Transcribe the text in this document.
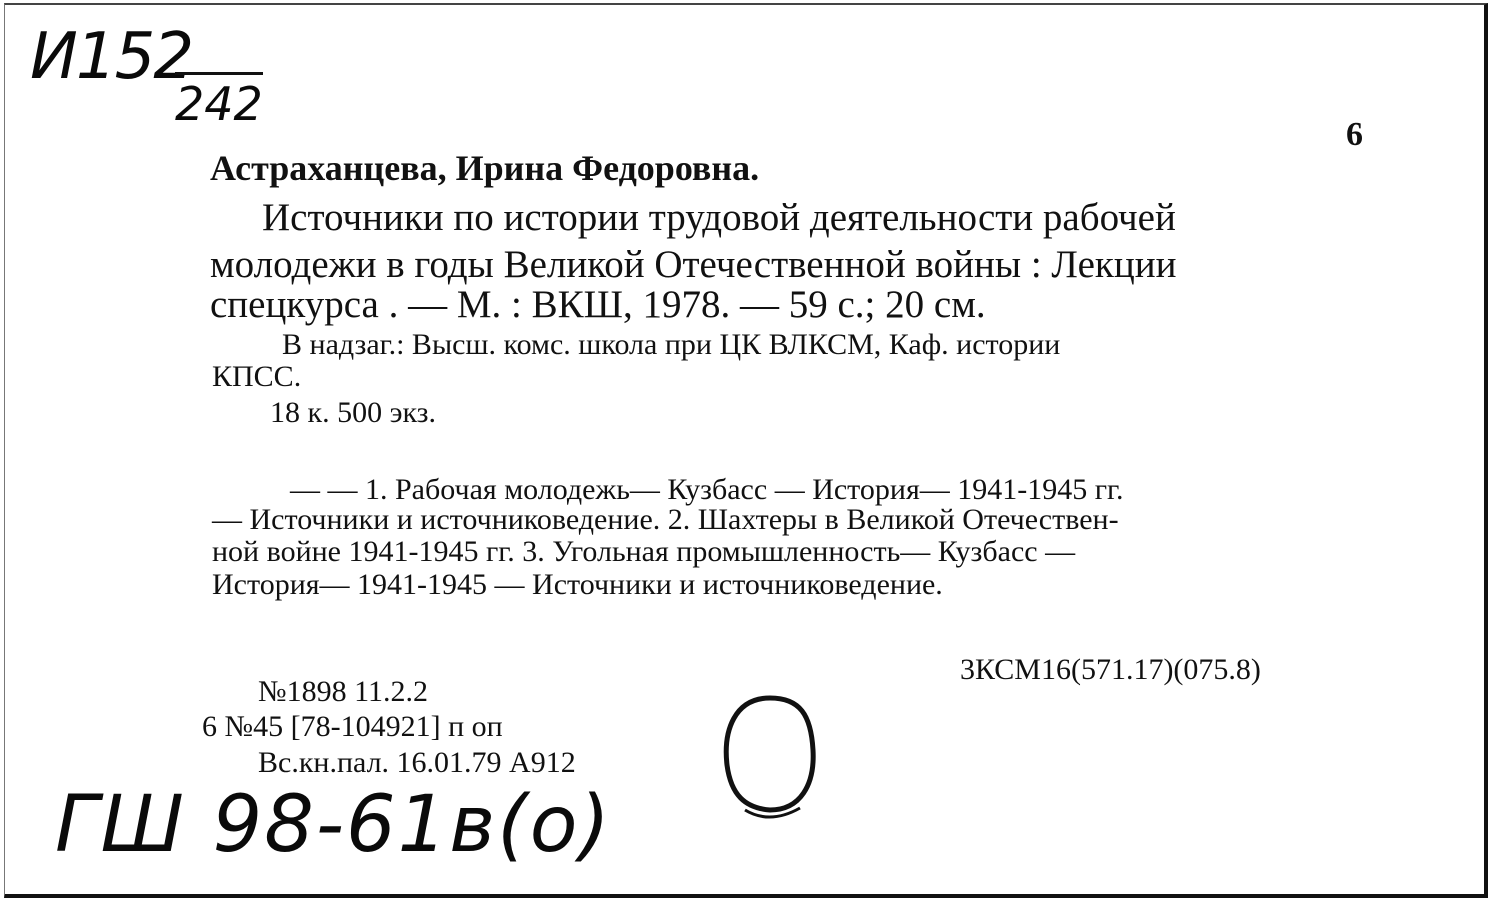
И152
242
6
Астраханцева, Ирина Федоровна.
Источники по истории трудовой деятельности рабочей
молодежи в годы Великой Отечественной войны : Лекции
спецкурса . — М. : ВКШ, 1978. — 59 с.; 20 см.
В надзаг.: Высш. комс. школа при ЦК ВЛКСМ, Каф. истории
КПСС.
18 к. 500 экз.
— — 1. Рабочая молодежь— Кузбасс — История— 1941-1945 гг.
— Источники и источниковедение. 2. Шахтеры в Великой Отечествен-
ной войне 1941-1945 гг. 3. Угольная промышленность— Кузбасс —
История— 1941-1945 — Источники и источниковедение.
3КСМ16(571.17)(075.8)
№1898 11.2.2
6 №45 [78-104921] п оп
Вс.кн.пал. 16.01.79 А912
ГШ 98-61в(о)
